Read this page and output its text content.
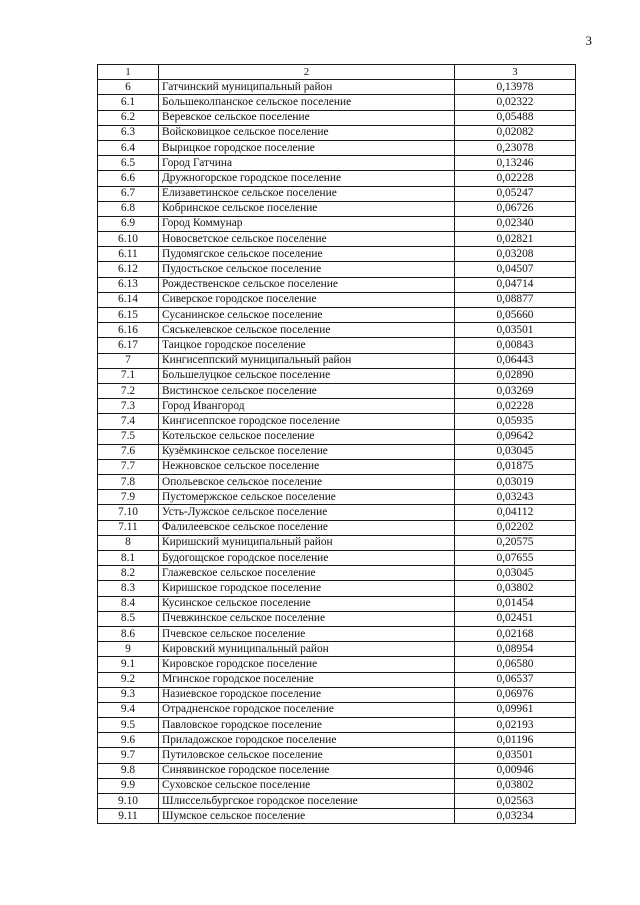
3
1	2	3
6	Гатчинский муниципальный район	0,13978
6.1	Большеколпанское сельское поселение	0,02322
6.2	Веревское сельское поселение	0,05488
6.3	Войсковицкое сельское поселение	0,02082
6.4	Вырицкое городское поселение	0,23078
6.5	Город Гатчина	0,13246
6.6	Дружногорское городское поселение	0,02228
6.7	Елизаветинское сельское поселение	0,05247
6.8	Кобринское сельское поселение	0,06726
6.9	Город Коммунар	0,02340
6.10	Новосветское сельское поселение	0,02821
6.11	Пудомягское сельское поселение	0,03208
6.12	Пудостьское сельское поселение	0,04507
6.13	Рождественское сельское поселение	0,04714
6.14	Сиверское городское поселение	0,08877
6.15	Сусанинское сельское поселение	0,05660
6.16	Сяськелевское сельское поселение	0,03501
6.17	Таицкое городское поселение	0,00843
7	Кингисеппский муниципальный район	0,06443
7.1	Большелуцкое сельское поселение	0,02890
7.2	Вистинское сельское поселение	0,03269
7.3	Город Ивангород	0,02228
7.4	Кингисеппское городское поселение	0,05935
7.5	Котельское сельское поселение	0,09642
7.6	Кузёмкинское сельское поселение	0,03045
7.7	Нежновское сельское поселение	0,01875
7.8	Опольевское сельское поселение	0,03019
7.9	Пустомержское сельское поселение	0,03243
7.10	Усть-Лужское сельское поселение	0,04112
7.11	Фалилеевское сельское поселение	0,02202
8	Киришский муниципальный район	0,20575
8.1	Будогощское городское поселение	0,07655
8.2	Глажевское сельское поселение	0,03045
8.3	Киришское городское поселение	0,03802
8.4	Кусинское сельское поселение	0,01454
8.5	Пчевжинское сельское поселение	0,02451
8.6	Пчевское сельское поселение	0,02168
9	Кировский муниципальный район	0,08954
9.1	Кировское городское поселение	0,06580
9.2	Мгинское городское поселение	0,06537
9.3	Назиевское городское поселение	0,06976
9.4	Отрадненское городское поселение	0,09961
9.5	Павловское городское поселение	0,02193
9.6	Приладожское городское поселение	0,01196
9.7	Путиловское сельское поселение	0,03501
9.8	Синявинское городское поселение	0,00946
9.9	Суховское сельское поселение	0,03802
9.10	Шлиссельбургское городское поселение	0,02563
9.11	Шумское сельское поселение	0,03234
